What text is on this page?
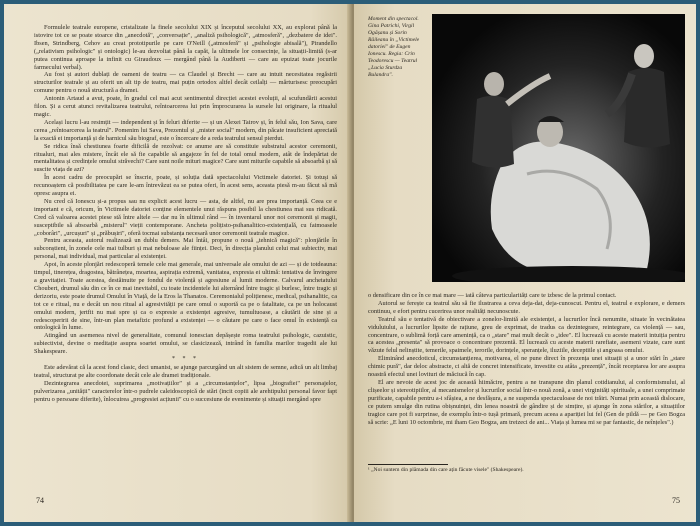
Formulele teatrale europene, cristalizate la finele secolului XIX și începutul secolului XX, au explorat până la istovire tot ce se poate stoarce din „anecdotă", „conversație", „analiză psihologică", „atmosferă", „dezbatere de idei". Ibsen, Strindberg, Cehov au creat prototipurile pe care O'Neill („atmosferă" și „psihologie abisală"), Pirandello („relativism psihologic" și ontologic) le-au dezvoltat până la capăt, la ultimele lor consecințe, la situații-limită (s-ar putea continua aproape la infinit cu Giraudoux — mergând până la Audiberti — care au epuizat toate jocurile farmecului verbal).

Au fost și autori dublați de oameni de teatru — ca Claudel și Brecht — care au intuit necesitatea regăsirii structurilor teatrale și au oferit un alt tip de teatru, mai puțin ortodox altfel decât ceilalți — mărturisesc preocupări comune pentru o nouă structură a dramei.

Antonin Artaud a avut, poate, în gradul cel mai acut sentimentul direcției acestei evoluții, al scufundării acestui filon. Și a cerut atunci revitalizarea teatrului, reîntoarcerea lui prin împrocurarea la sursele lui originare, la ritualul magic.

Același lucru l-au resimțit — independent și în feluri diferite — și un Alexei Tairov și, în felul său, Ion Sava, care cerea „reîntoarcerea la teatrul". Pomenim lui Sava, Prezentul și „mister social" modern, din păcate insuficient apreciată la exactă ei importanță și de harnicul său biograf, este o încercare de a reda teatrului sensul pierdut.

Se ridica însă chestiunea foarte dificilă de rezolvat: ce anume are să constituie substratul acestor ceremonii, ritualuri, mai ales mistere, încât ele să fie capabile să angajeze în fel de total omul modern, atât de îndepărtat de mentalitatea și credințele omului străvechi? Care sunt noile mituri magice? Care sunt miturile capabile să absoarbă și să suscite viața de azi?

În acest cadru de preocupări se înscrie, poate, și soluția dată spectacolului Victimele datoriei. Și totuși să recunoaștem că posibilitatea pe care le-am întrevăzut ea se putea oferi, în acest sens, aceasta piesă m-au făcut să mă opresc asupra ei.

Nu cred că Ionescu și-a propus sau nu explicit acest lucru — asta, de altfel, nu are prea importanță. Ceea ce e important e că, oricum, în Victimele datoriei conține elementele unui răspuns posibil la chestiunea mai sus ridicată. Cred că valoarea acestei piese stă între altele — dar nu în ultimul rând — în inventarul unor noi ceremonii și magii, susceptibile să absoarbă „misterul" vieții contemporane. Ancheta polițisto-psihanalitico-existențială, cu faimoasele „coborâri", „urcușuri" și „prăbușiri", oferă tocmai substanța necesară unor ceremonii teatrale magice.

Pentru aceasta, autorul realizează un dublu demers. Mai întâi, propune o nouă „tehnică magică": plonjările în subconștient, în zonele cele mai tulburi și mai nebuloase ale ființei. Deci, în direcția planului celui mai subiectiv, mai personal, mai individual, mai particular al existenței.

Apoi, în aceste plonjări redescoperă temele cele mai generale, mai universale ale omului de azi — și de totdeauna: timpul, tinerețea, dragostea, bătrânețea, moartea, aspirația extremă, vanitatea, expresia ei ultimă: tentativa de învingere a gravitației. Toate acestea, destăinuite pe fondul de violență și agresiune al lumii moderne. Calvarul anchetatului Choubert, drumul său din ce în ce mai inevitabil, cu toate incidentele lui alternând între tragic și burlesc, între tragic și derizoriu, este poate drumul Omului în Viață, de la Eros la Thanatos. Ceremonialul polițienesc, medical, psihanalitic, ca tot ce e ritual, nu e decât un nou ritual al agresivității pe care omul o suportă ca pe o fatalitate, ca pe un holocaust omului modern, jertfit nu mai spre și ca o expresie a existenței agresive, tumultuoase, a căutării de sine și a redescoperirii de sine, într-un plan metafizic profund a existenței — o căutare pe care o face omul în existență ca ontologică în lume.

Atingând un asemenea nivel de generalitate, comunul ionescian depășește roma teatrului psihologic, cazuistic, subiectivist, devine o meditație asupra soartei omului, se clasicizează, intrând în familia marilor tragedii ale lui Shakespeare.

* * *

Este adevărat că la acest fond clasic, deci umanist, se ajunge parcurgând un alt sistem de semne, adică un alt limbaj teatral, structurat pe alte coordonate decât cele ale dramei tradiționale.

Dezintegrarea anecdotei, suprimarea „motivațiilor" și a „circumstanțelor", lipsa „biografiei" personajelor, pulverizarea „unității" caracterelor într-o pudrele caleidoscopică de stări (incit copiii ale arehtipului personal favor fapt pentru o persoane diferite), înlocuirea „progresiei acțiunii" cu o succesiune de evenimente și situații mergând spre

74
Moment din spectacol. Gina Patrichi, Virgil Ogășanu și Sorin Răileanu în „Victimele datoriei" de Eugen Ionescu. Regia: Crin Teodorescu — Teatrul „Lucia Sturdza Bulandra".

o densificare din ce în ce mai mare — iată câteva particularități care te izbesc de la primul contact.

Autorul se ferește ca teatrul său să fie ilustrarea a ceva deja-dat, deja-cunoscut. Pentru el, teatrul e explorare, e demers continuu, e efort pentru cucerirea unor realități necunoscute.

Teatrul său e tentativă de obiectivare a zonelor-limită ale existenței, a lucrurilor încă nenumite, situate în vecinătatea viduluiului, a lucrurilor lipsite de rațiune, greu de exprimat, de tradus ca dezintegrare, reintegrare, ca violență — sau, concentrare, o sublimă forță care amenință, ca o „stare" mai mult decât o „idee". El lucrează cu aceste materii intuiția pentru ca acestea „presenta" să provoace o concentrare prezentă. El lucrează cu aceste materii rarefiate, asemeni vizate, care sunt văzute felul nelinștite, temerile, spaimele, terorile, dorințele, speranțele, iluziile, deceptiile și angoasa omului.

Eliminând anecdoticul, circumstanțierea, motivarea, el ne pune direct în prezența unei situații și a unor stări în „stare chimic pură", dar deloc abstracte, ci altă de concret intensificate, investite cu atâta „prezență", încât receptarea lor are asupra noastră efectul unei lovituri de măciucă în cap.

El are nevoie de acest joc de această hiimăcire, pentru a ne transpune din planul cotidianului, al conformismului, al clișeelor și stereotipiilor, al mecanismelor și lucrurilor social într-o nouă zonă, a unei virginități spirituale, a unei comprimate purificate, capabile pentru a-i sfâșiea, a ne desfășura, a ne suspenda spectaculoase de noi trăiri. Numai prin această dislocare, ce putem smulge din rutina obișnuinței, din lenea noastră de gândire și de simțire, și ajunge în zona stărilor, a situațiilor tragice care pot fi surprinse, de exemplu într-o tușă primară, precum aceea a apariției lui fel (Gen de pildă — pe Geo Bogza să scrie: „E luni 10 octombrie, mi iham Geo Bogza, am treizeci de ani... Viața și lumea mi se par fantastic, de neînțeles".)

¹ „Noi suntem din plămada din care ațin făcute visele" (Shakespeare).
75
